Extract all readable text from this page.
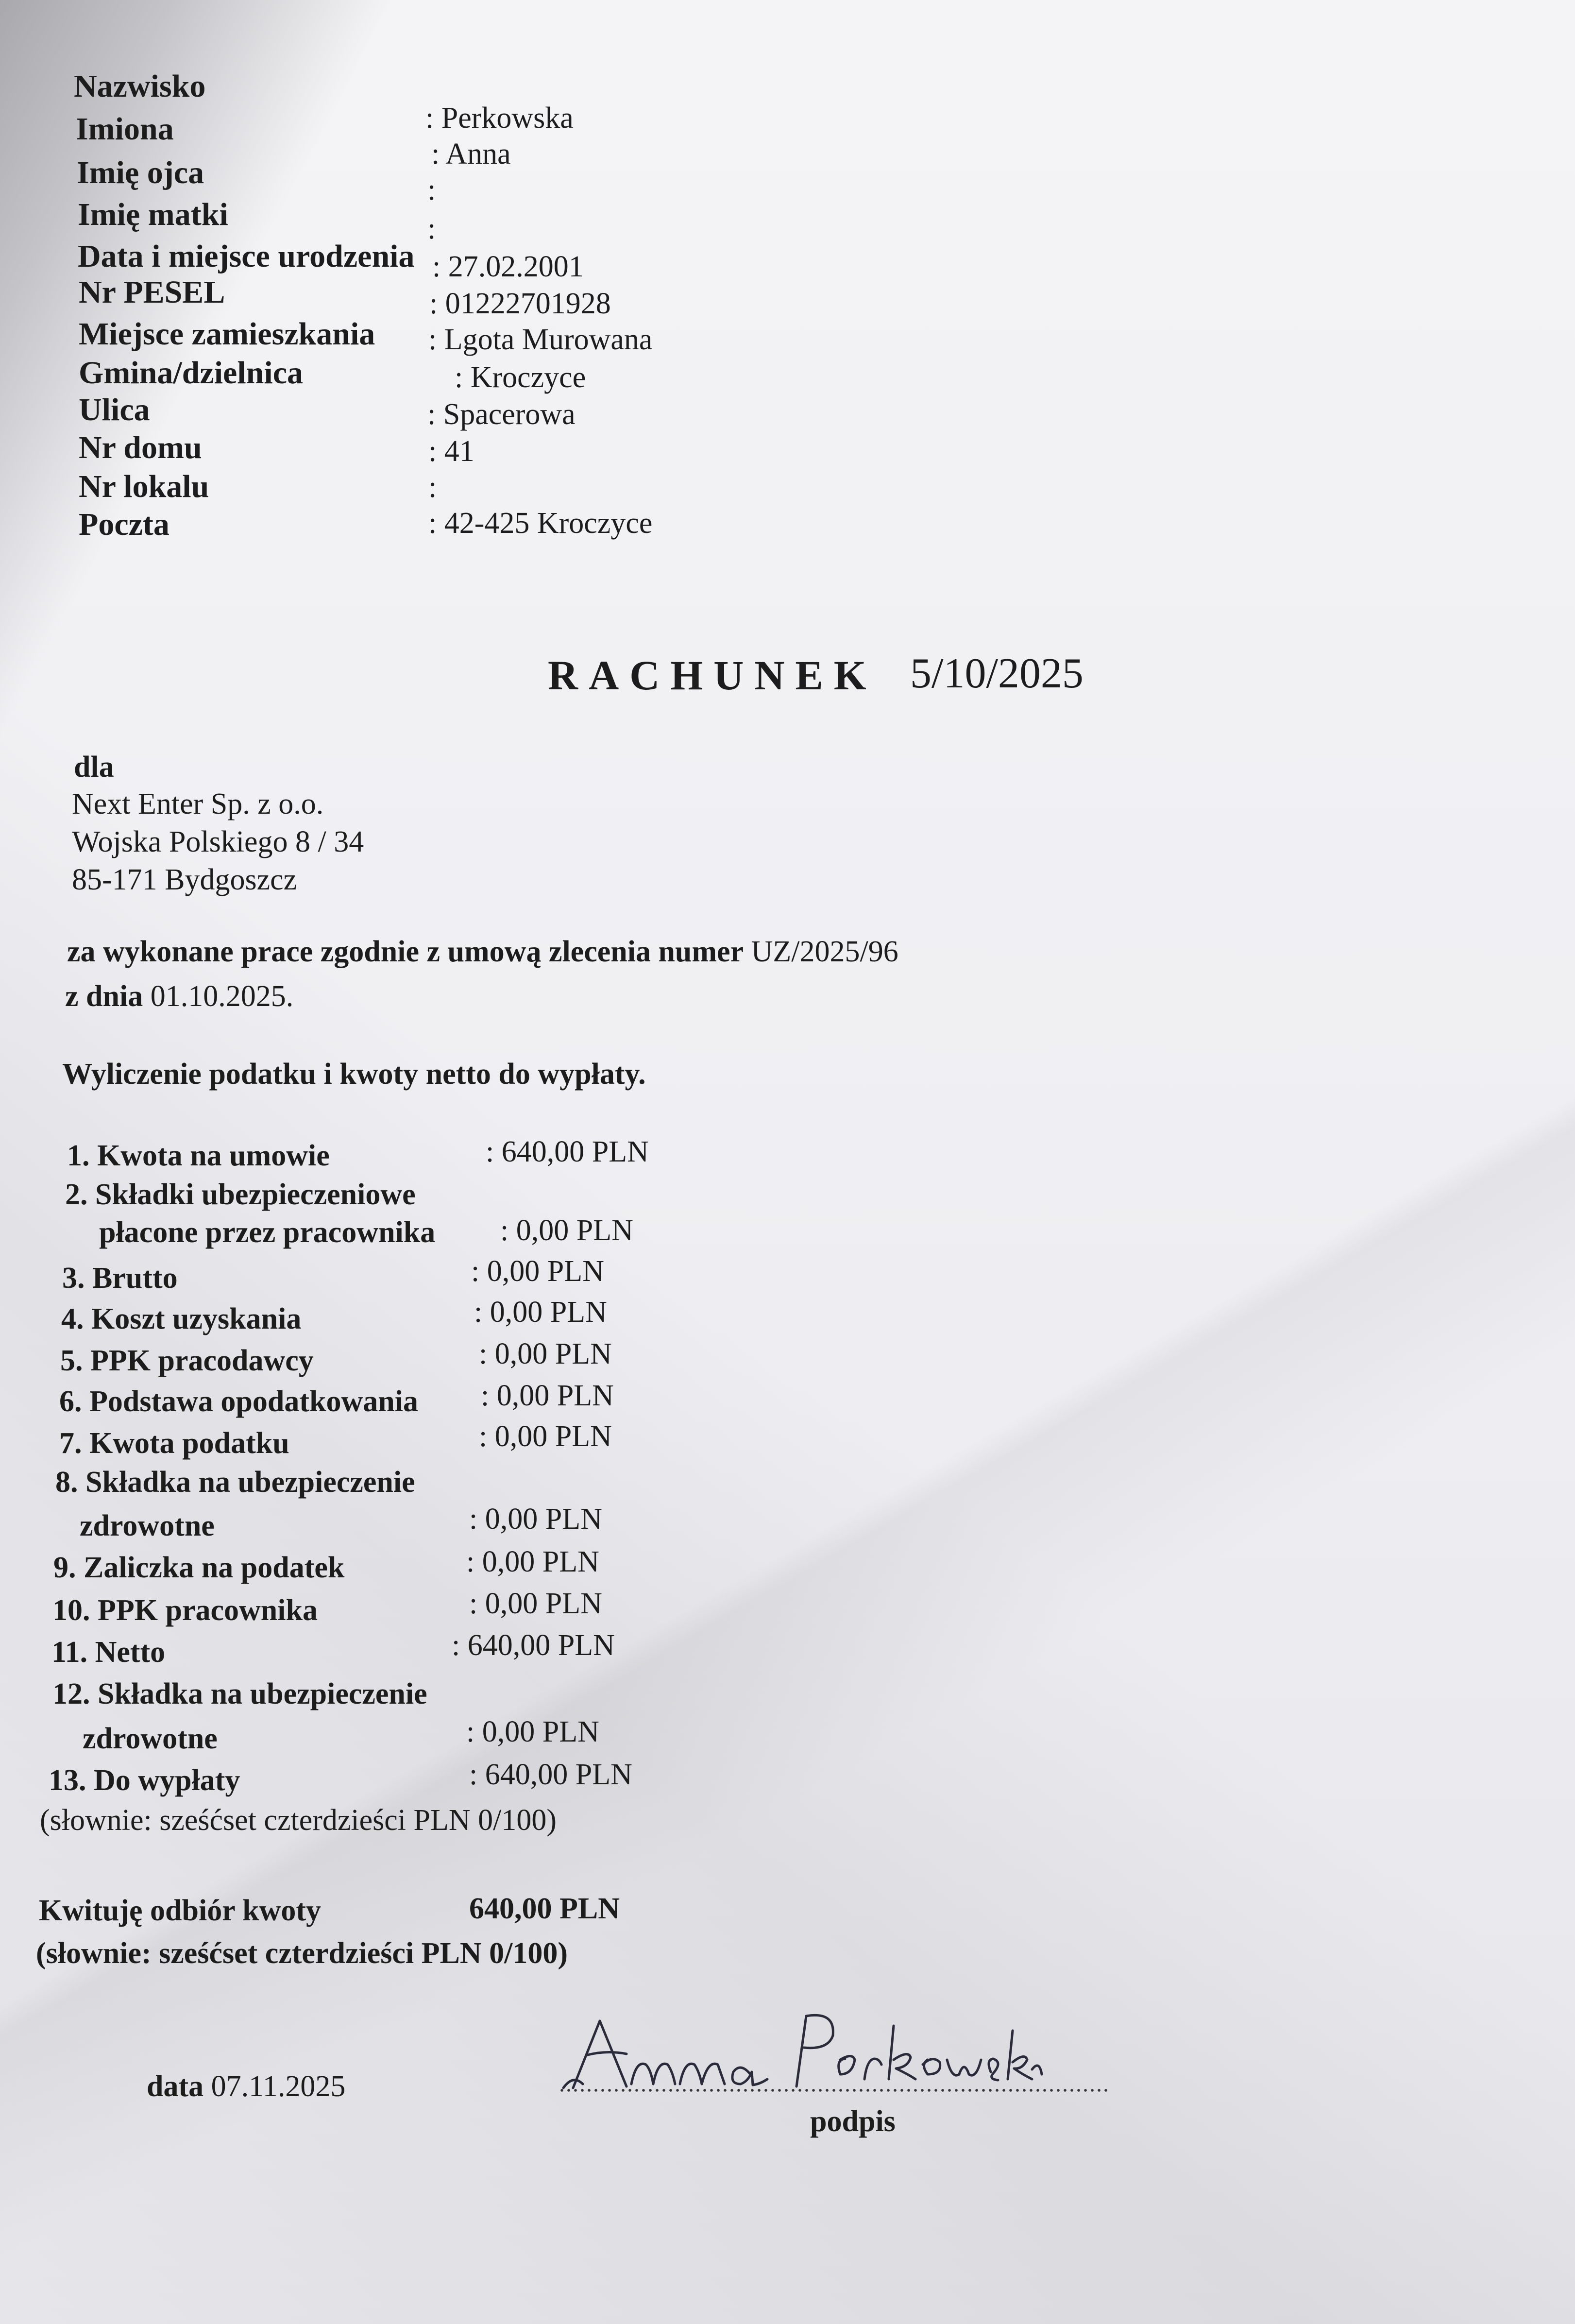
Nazwisko
: Perkowska
Imiona
: Anna
Imię ojca	:
Imię matki	:
Data i miejsce urodzenia : 27.02.2001
Nr PESEL	: 01222701928
Miejsce zamieszkania : Lgota Murowana
Gmina/dzielnica	: Kroczyce
Ulica	: Spacerowa
Nr domu	: 41
Nr lokalu	:
Poczta	: 42-425 Kroczyce
RACHUNEK 5/10/2025
dla
Next Enter Sp. z o.o.
Wojska Polskiego 8 / 34
85-171 Bydgoszcz
za wykonane prace zgodnie z umową zlecenia numer UZ/2025/96
z dnia 01.10.2025.
Wyliczenie podatku i kwoty netto do wypłaty.
1. Kwota na umowie	: 640,00 PLN
2. Składki ubezpieczeniowe
płacone przez pracownika : 0,00 PLN
3. Brutto	: 0,00 PLN
4. Koszt uzyskania	: 0,00 PLN
5. PPK pracodawcy	: 0,00 PLN
6. Podstawa opodatkowania : 0,00 PLN
7. Kwota podatku	: 0,00 PLN
8. Składka na ubezpieczenie
zdrowotne	: 0,00 PLN
9. Zaliczka na podatek	: 0,00 PLN
10. PPK pracownika	: 0,00 PLN
11. Netto	: 640,00 PLN
12. Składka na ubezpieczenie
zdrowotne	: 0,00 PLN
13. Do wypłaty	: 640,00 PLN
(słownie: sześćset czterdzieści PLN 0/100)
Kwituję odbiór kwoty	640,00 PLN
(słownie: sześćset czterdzieści PLN 0/100)
data 07.11.2025
podpis
